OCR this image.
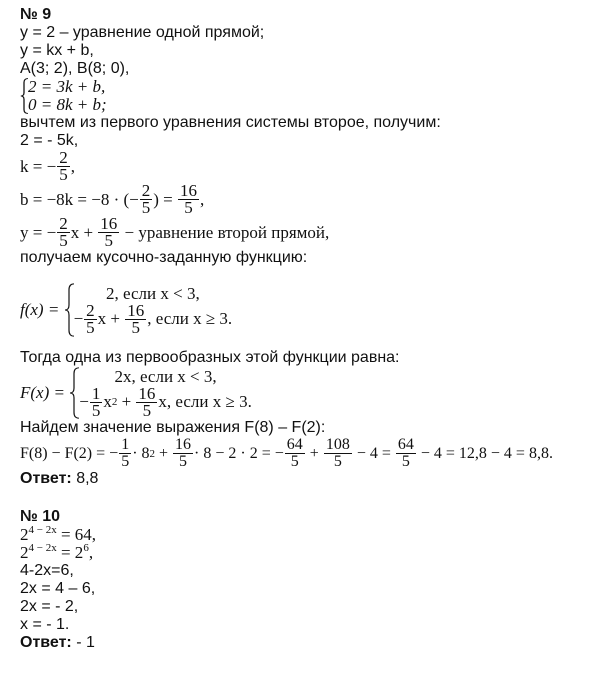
№ 9
y = 2 – уравнение одной прямой;
y = kx + b,
A(3; 2), B(8; 0),
2 = 3k + b,
0 = 8k + b;
вычтем из первого уравнения системы второе, получим:
2 = - 5k,
k = − $\frac{2}{5}$ ,
b = −8k = −8 · (− $\frac{2}{5}$ ) = $\frac{16}{5}$ ,
y = − $\frac{2}{5}$ $x + \frac{16}{5}$ − уравнение второй прямой,
получаем кусочно-заданную функцию:
f(x) =
2, если x < 3,
− $\frac{2}{5}$ $x + \frac{16}{5}$ , если x ≥ 3.
Тогда одна из первообразных этой функции равна:
F(x) =
2x, если x < 3,
− $\frac{1}{5}$ x $2 + \frac{16}{5} x$, если x ≥ 3.
Найдем значение выражения F(8) – F(2):
F(8) − F(2) = − $\frac{1}{5} \cdot 8$ $2 + \frac{16}{5} \cdot 8 - 2 \cdot 2$ = − $\frac{64}{5} + \frac{108}{5} - 4 = \frac{64}{5} - 4 = 12,8 - 4 = 8,8$.
Ответ: 8,8
№ 10
$2^{4 - 2x} = 64$,
$2^{4 - 2x} = 2^6$,
4-2x=6,
2x = 4 – 6,
2x = - 2,
x = - 1.
Ответ: - 1
